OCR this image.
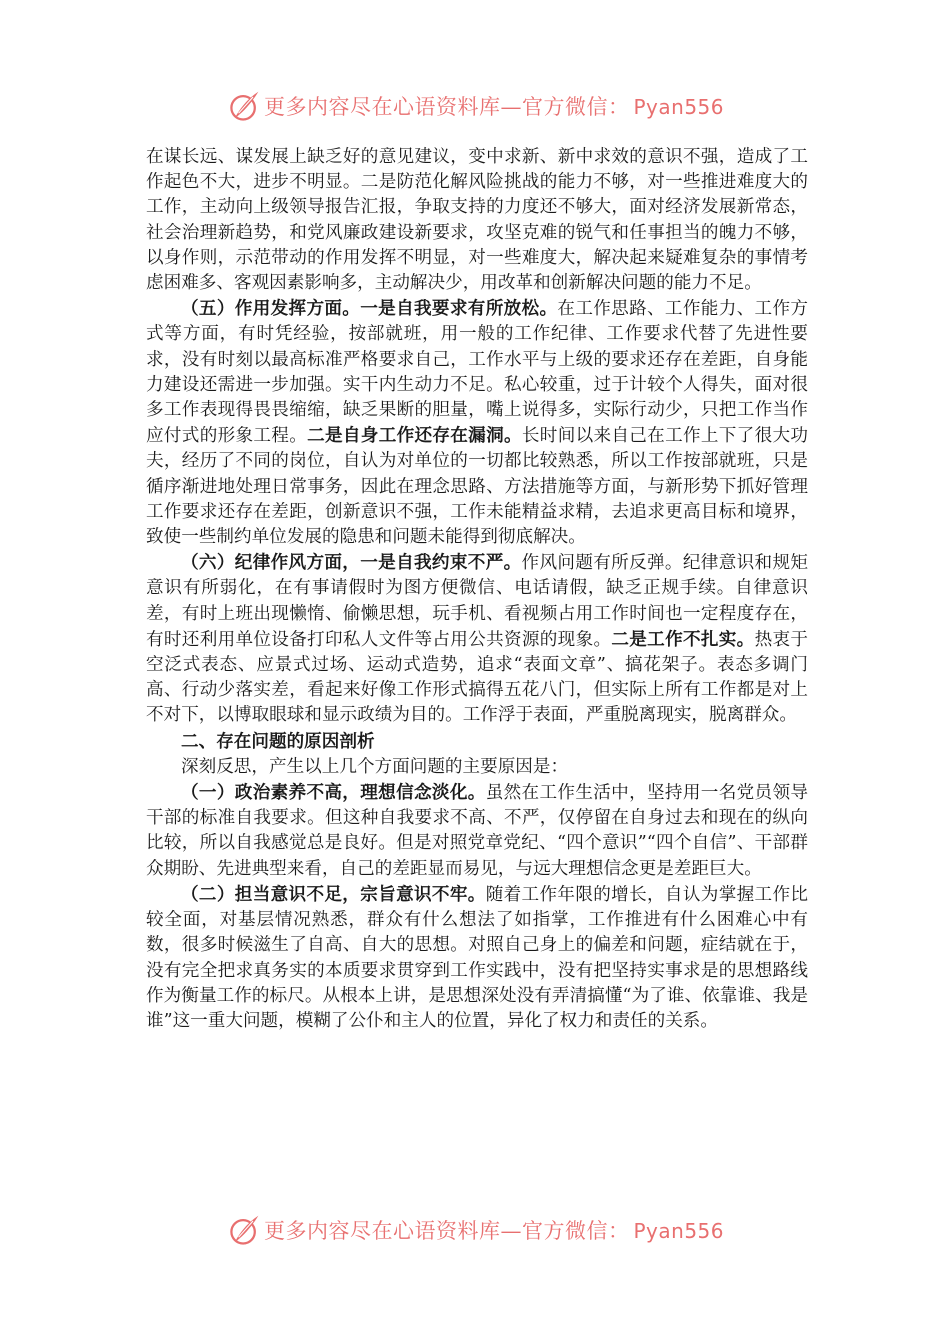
更多内容尽在心语资料库—官方微信： Pyan556

在谋长远、谋发展上缺乏好的意见建议，变中求新、新中求效的意识不强，造成了工作起色不大，进步不明显。二是防范化解风险挑战的能力不够，对一些推进难度大的工作，主动向上级领导报告汇报，争取支持的力度还不够大，面对经济发展新常态，社会治理新趋势，和党风廉政建设新要求，攻坚克难的锐气和任事担当的魄力不够，以身作则，示范带动的作用发挥不明显，对一些难度大，解决起来疑难复杂的事情考虑困难多、客观因素影响多，主动解决少，用改革和创新解决问题的能力不足。

（五）作用发挥方面。一是自我要求有所放松。在工作思路、工作能力、工作方式等方面，有时凭经验，按部就班，用一般的工作纪律、工作要求代替了先进性要求，没有时刻以最高标准严格要求自己，工作水平与上级的要求还存在差距，自身能力建设还需进一步加强。实干内生动力不足。私心较重，过于计较个人得失，面对很多工作表现得畏畏缩缩，缺乏果断的胆量，嘴上说得多，实际行动少，只把工作当作应付式的形象工程。二是自身工作还存在漏洞。长时间以来自己在工作上下了很大功夫，经历了不同的岗位，自认为对单位的一切都比较熟悉，所以工作按部就班，只是循序渐进地处理日常事务，因此在理念思路、方法措施等方面，与新形势下抓好管理工作要求还存在差距，创新意识不强，工作未能精益求精，去追求更高目标和境界，致使一些制约单位发展的隐患和问题未能得到彻底解决。

（六）纪律作风方面，一是自我约束不严。作风问题有所反弹。纪律意识和规矩意识有所弱化，在有事请假时为图方便微信、电话请假，缺乏正规手续。自律意识差，有时上班出现懒惰、偷懒思想，玩手机、看视频占用工作时间也一定程度存在，有时还利用单位设备打印私人文件等占用公共资源的现象。二是工作不扎实。热衷于空泛式表态、应景式过场、运动式造势，追求“表面文章”、搞花架子。表态多调门高、行动少落实差，看起来好像工作形式搞得五花八门，但实际上所有工作都是对上不对下，以博取眼球和显示政绩为目的。工作浮于表面，严重脱离现实，脱离群众。

二、存在问题的原因剖析

深刻反思，产生以上几个方面问题的主要原因是：

（一）政治素养不高，理想信念淡化。虽然在工作生活中，坚持用一名党员领导干部的标准自我要求。但这种自我要求不高、不严，仅停留在自身过去和现在的纵向比较，所以自我感觉总是良好。但是对照党章党纪、“四个意识”“四个自信”、干部群众期盼、先进典型来看，自己的差距显而易见，与远大理想信念更是差距巨大。

（二）担当意识不足，宗旨意识不牢。随着工作年限的增长，自认为掌握工作比较全面，对基层情况熟悉，群众有什么想法了如指掌，工作推进有什么困难心中有数，很多时候滋生了自高、自大的思想。对照自己身上的偏差和问题，症结就在于，没有完全把求真务实的本质要求贯穿到工作实践中，没有把坚持实事求是的思想路线作为衡量工作的标尺。从根本上讲，是思想深处没有弄清搞懂“为了谁、依靠谁、我是谁”这一重大问题，模糊了公仆和主人的位置，异化了权力和责任的关系。

更多内容尽在心语资料库—官方微信： Pyan556
